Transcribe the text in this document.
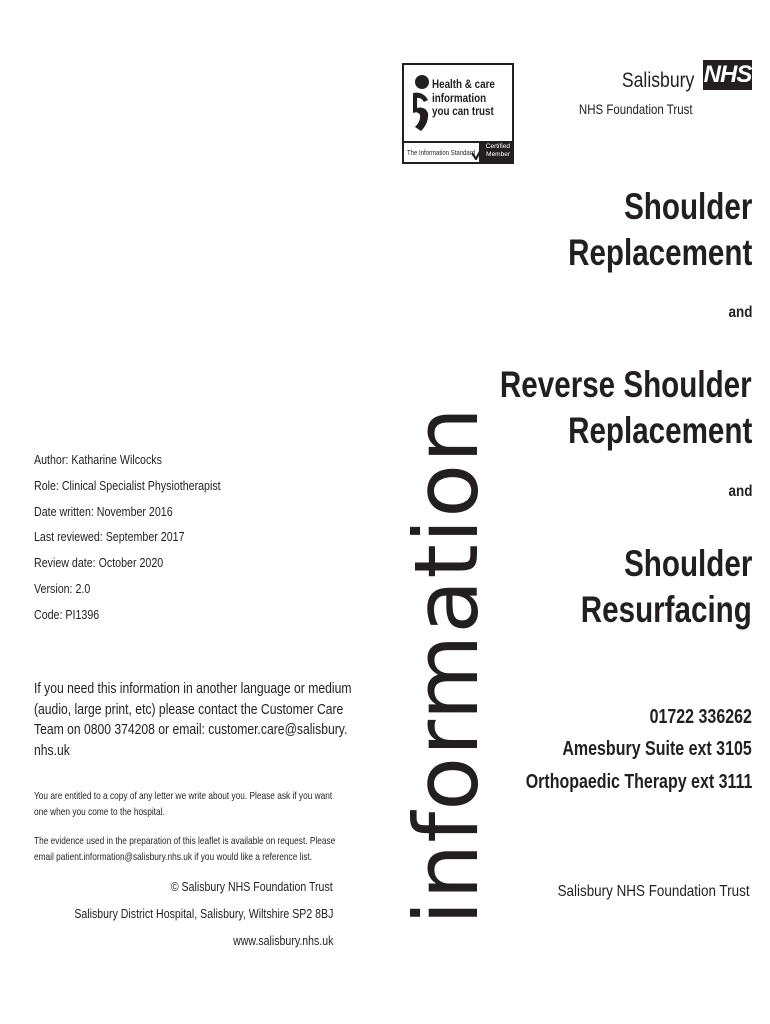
Author: Katharine Wilcocks
Role: Clinical Specialist Physiotherapist
Date written: November 2016
Last reviewed: September 2017
Review date: October 2020
Version: 2.0
Code: PI1396
If you need this information in another language or medium
(audio, large print, etc) please contact the Customer Care
Team on 0800 374208 or email: customer.care@salisbury.
nhs.uk
You are entitled to a copy of any letter we write about you. Please ask if you want
one when you come to the hospital.
The evidence used in the preparation of this leaflet is available on request. Please
email patient.information@salisbury.nhs.uk if you would like a reference list.
© Salisbury NHS Foundation Trust
Salisbury District Hospital, Salisbury, Wiltshire SP2 8BJ
www.salisbury.nhs.uk
information
Health & care
information
you can trust
The Information Standard
Certified
Member
Salisbury NHS
NHS Foundation Trust
Shoulder
Replacement
and
Reverse Shoulder
Replacement
and
Shoulder
Resurfacing
01722 336262
Amesbury Suite ext 3105
Orthopaedic Therapy ext 3111
Salisbury NHS Foundation Trust
